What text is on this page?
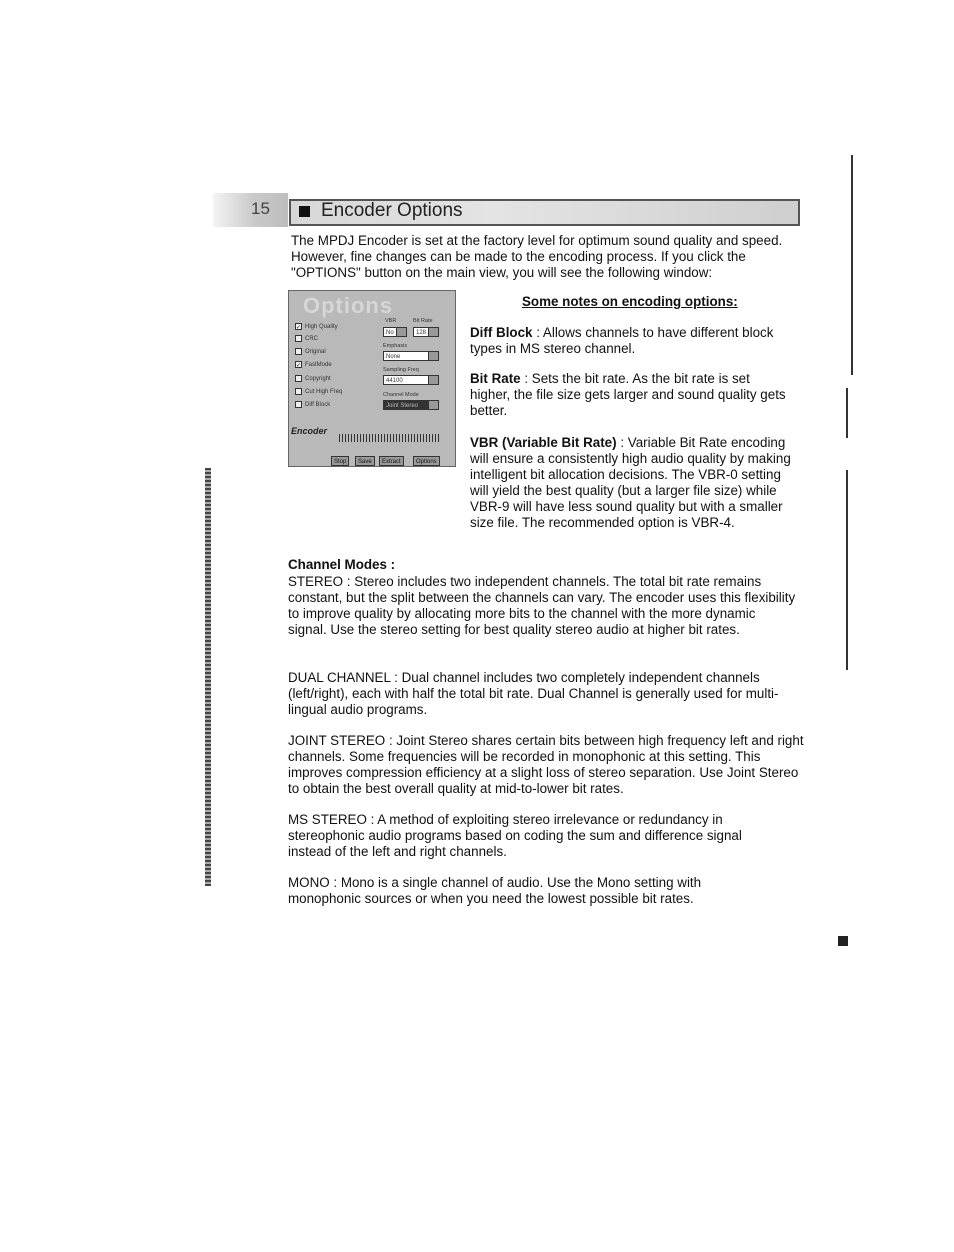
15	Encoder Options
The MPDJ Encoder is set at the factory level for optimum sound quality and speed. However, fine changes can be made to the encoding process. If you click the "OPTIONS" button on the main view, you will see the following window:
Options
✓ High Quality
CRC
Original
✓ FastMode
Copyright
Cut High Freq
Diff Block
VBR	Bit Rate
No	128
Emphasis
None
Sampling Freq
44100
Channel Mode
Joint Stereo
Encoder
Stop	Save	Extract	Options
Some notes on encoding options:
Diff Block : Allows channels to have different block types in MS stereo channel.
Bit Rate : Sets the bit rate. As the bit rate is set higher, the file size gets larger and sound quality gets better.
VBR (Variable Bit Rate) : Variable Bit Rate encoding will ensure a consistently high audio quality by making intelligent bit allocation decisions. The VBR-0 setting will yield the best quality (but a larger file size) while VBR-9 will have less sound quality but with a smaller size file. The recommended option is VBR-4.
Channel Modes :
STEREO : Stereo includes two independent channels. The total bit rate remains constant, but the split between the channels can vary. The encoder uses this flexibility to improve quality by allocating more bits to the channel with the more dynamic signal. Use the stereo setting for best quality stereo audio at higher bit rates.
DUAL CHANNEL : Dual channel includes two completely independent channels (left/right), each with half the total bit rate. Dual Channel is generally used for multi-lingual audio programs.
JOINT STEREO : Joint Stereo shares certain bits between high frequency left and right channels. Some frequencies will be recorded in monophonic at this setting. This improves compression efficiency at a slight loss of stereo separation. Use Joint Stereo to obtain the best overall quality at mid-to-lower bit rates.
MS STEREO : A method of exploiting stereo irrelevance or redundancy in stereophonic audio programs based on coding the sum and difference signal instead of the left and right channels.
MONO : Mono is a single channel of audio. Use the Mono setting with monophonic sources or when you need the lowest possible bit rates.
